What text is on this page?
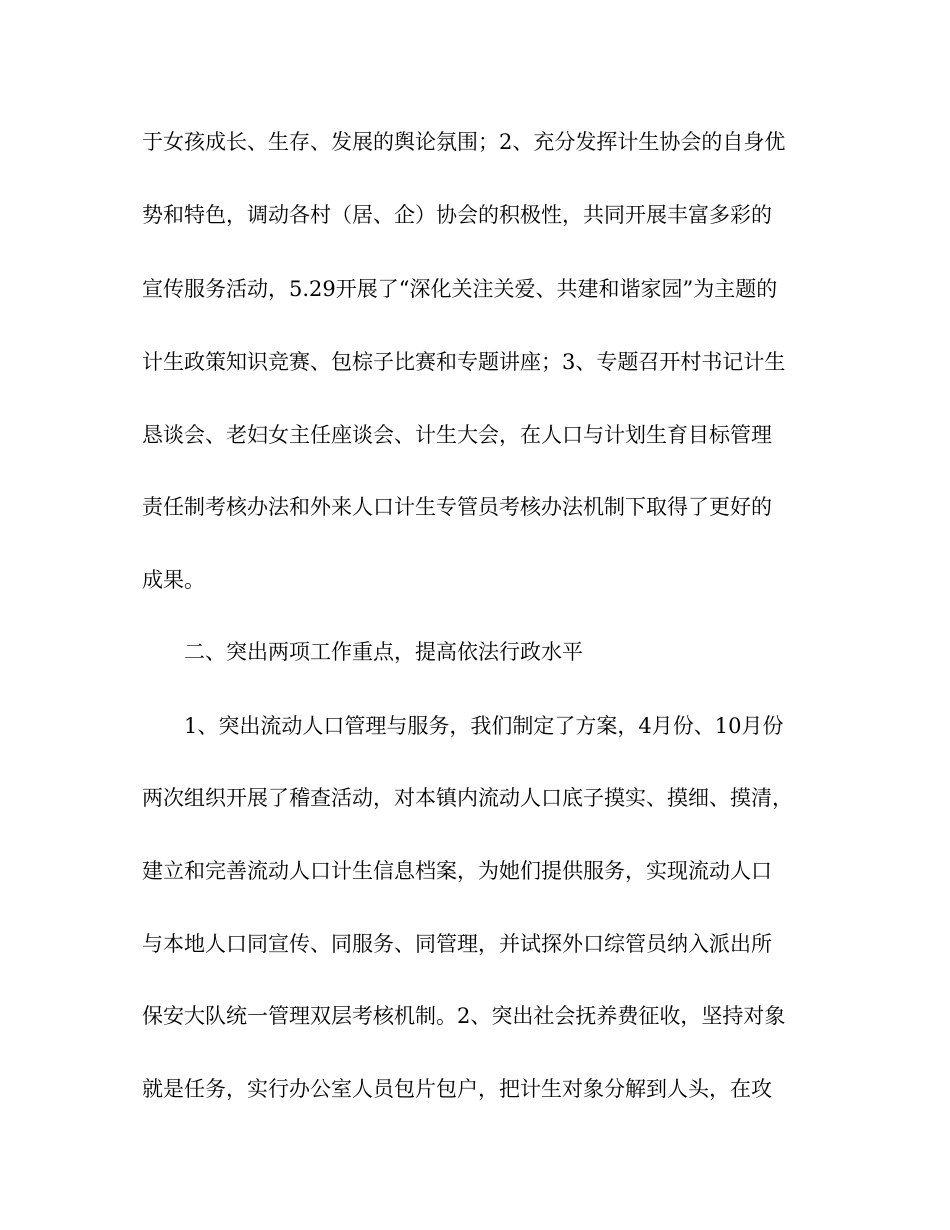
于女孩成长、生存、发展的舆论氛围；2、充分发挥计生协会的自身优

势和特色，调动各村（居、企）协会的积极性，共同开展丰富多彩的

宣传服务活动，5.29开展了“深化关注关爱、共建和谐家园”为主题的

计生政策知识竞赛、包棕子比赛和专题讲座；3、专题召开村书记计生

恳谈会、老妇女主任座谈会、计生大会，在人口与计划生育目标管理

责任制考核办法和外来人口计生专管员考核办法机制下取得了更好的

成果。

二、突出两项工作重点，提高依法行政水平

1、突出流动人口管理与服务，我们制定了方案，4月份、10月份

两次组织开展了稽查活动，对本镇内流动人口底子摸实、摸细、摸清，

建立和完善流动人口计生信息档案，为她们提供服务，实现流动人口

与本地人口同宣传、同服务、同管理，并试探外口综管员纳入派出所

保安大队统一管理双层考核机制。2、突出社会抚养费征收，坚持对象

就是任务，实行办公室人员包片包户，把计生对象分解到人头，在攻
